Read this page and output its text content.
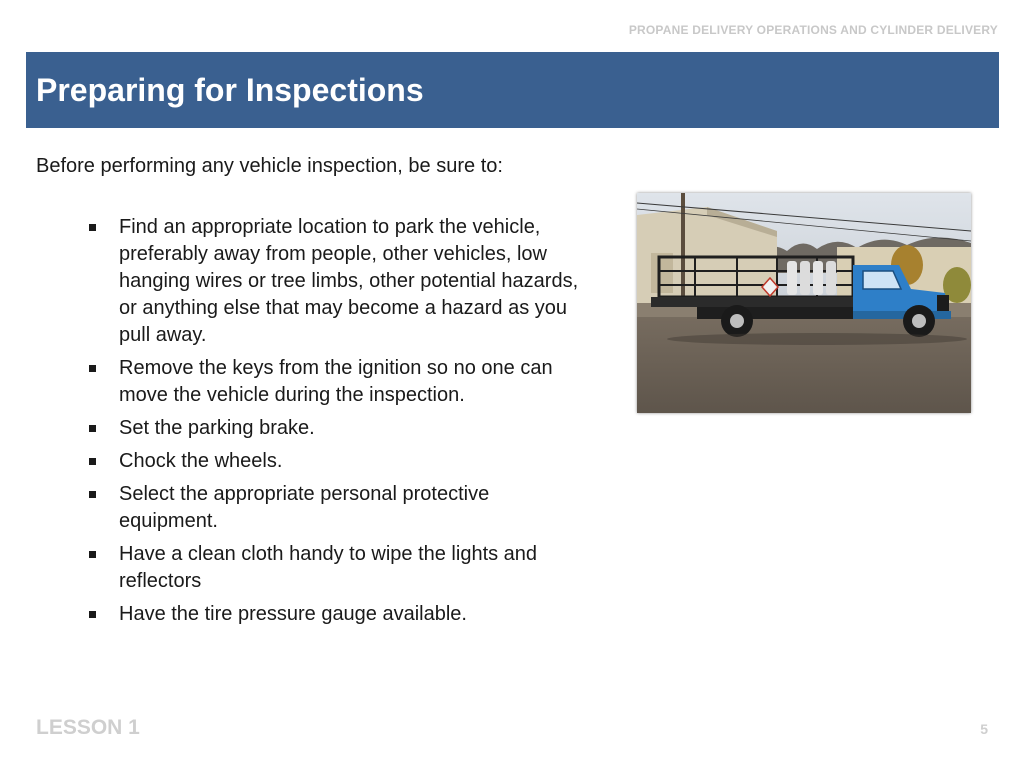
PROPANE DELIVERY OPERATIONS AND CYLINDER DELIVERY
Preparing for Inspections

Before performing any vehicle inspection, be sure to:

Find an appropriate location to park the vehicle, preferably away from people, other vehicles, low hanging wires or tree limbs, other potential hazards, or anything else that may become a hazard as you pull away.
Remove the keys from the ignition so no one can move the vehicle during the inspection.
Set the parking brake.
Chock the wheels.
Select the appropriate personal protective equipment.
Have a clean cloth handy to wipe the lights and reflectors
Have the tire pressure gauge available.
LESSON 1	5
